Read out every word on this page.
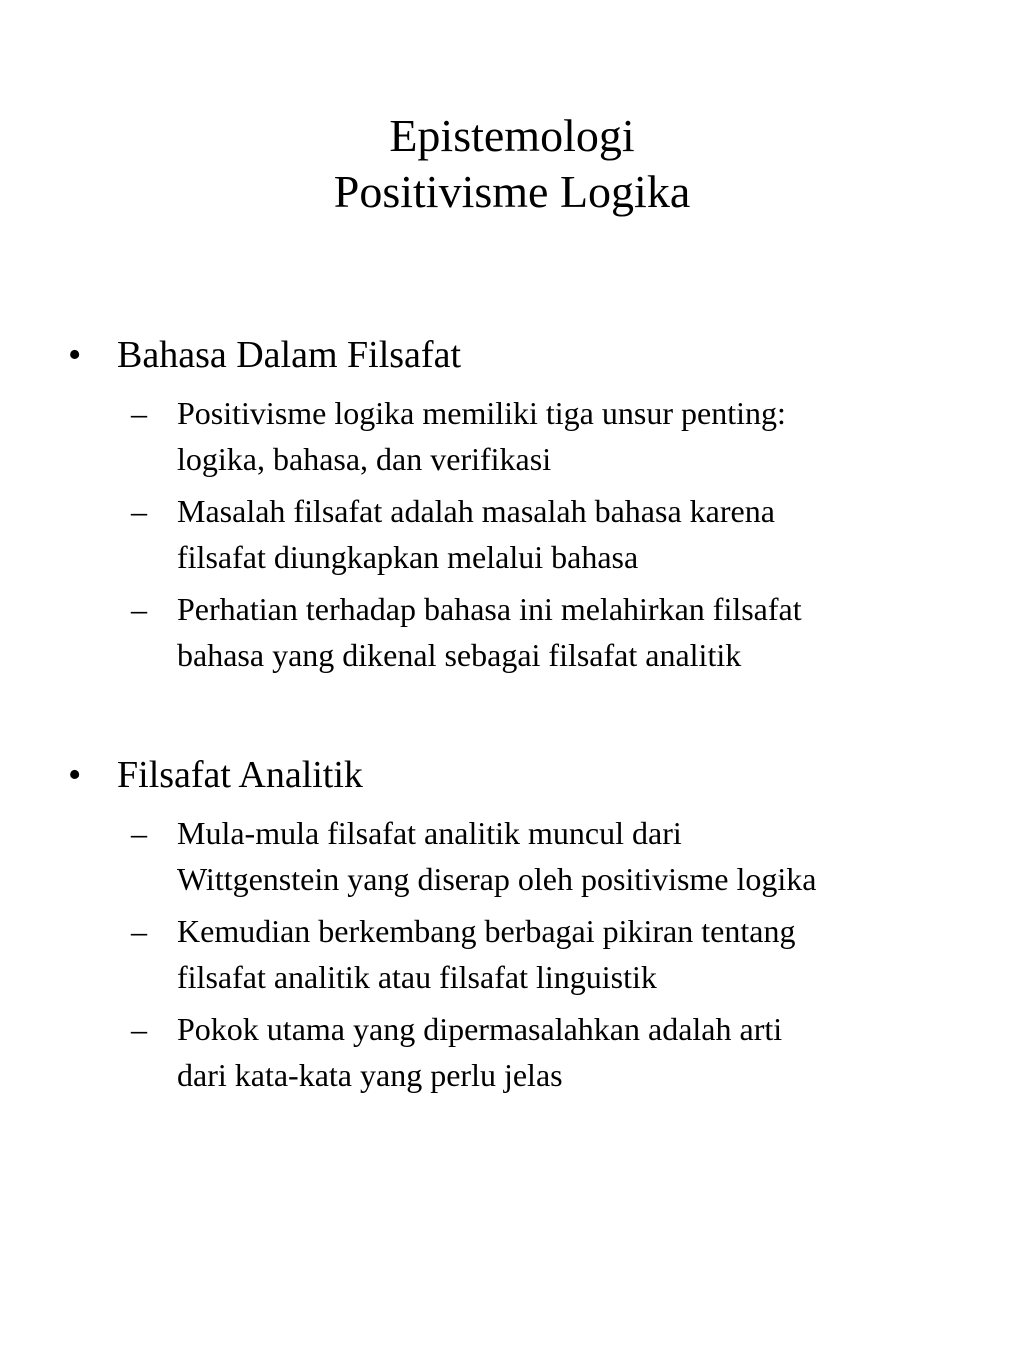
Epistemologi
Positivisme Logika
• Bahasa Dalam Filsafat
– Positivisme logika memiliki tiga unsur penting:
logika, bahasa, dan verifikasi
– Masalah filsafat adalah masalah bahasa karena
filsafat diungkapkan melalui bahasa
– Perhatian terhadap bahasa ini melahirkan filsafat
bahasa yang dikenal sebagai filsafat analitik
• Filsafat Analitik
– Mula-mula filsafat analitik muncul dari
Wittgenstein yang diserap oleh positivisme logika
– Kemudian berkembang berbagai pikiran tentang
filsafat analitik atau filsafat linguistik
– Pokok utama yang dipermasalahkan adalah arti
dari kata-kata yang perlu jelas
